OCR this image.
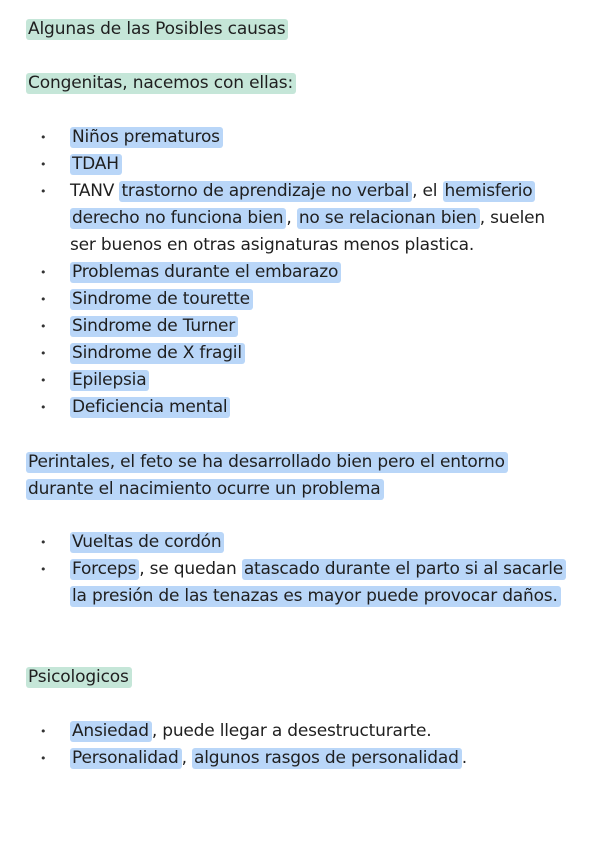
Algunas de las Posibles causas
Congenitas, nacemos con ellas:
• Niños prematuros
• TDAH
• TANV trastorno de aprendizaje no verbal , el hemisferio derecho no funciona bien , no se relacionan bien , suelen ser buenos en otras asignaturas menos plastica.
• Problemas durante el embarazo
• Sindrome de tourette
• Sindrome de Turner
• Sindrome de X fragil
• Epilepsia
• Deficiencia mental
Perintales, el feto se ha desarrollado bien pero el entorno
durante el nacimiento ocurre un problema
• Vueltas de cordón
• Forceps , se quedan atascado durante el parto si al sacarle la presión de las tenazas es mayor puede provocar daños.
Psicologicos
• Ansiedad , puede llegar a desestructurarte.
• Personalidad , algunos rasgos de personalidad .
